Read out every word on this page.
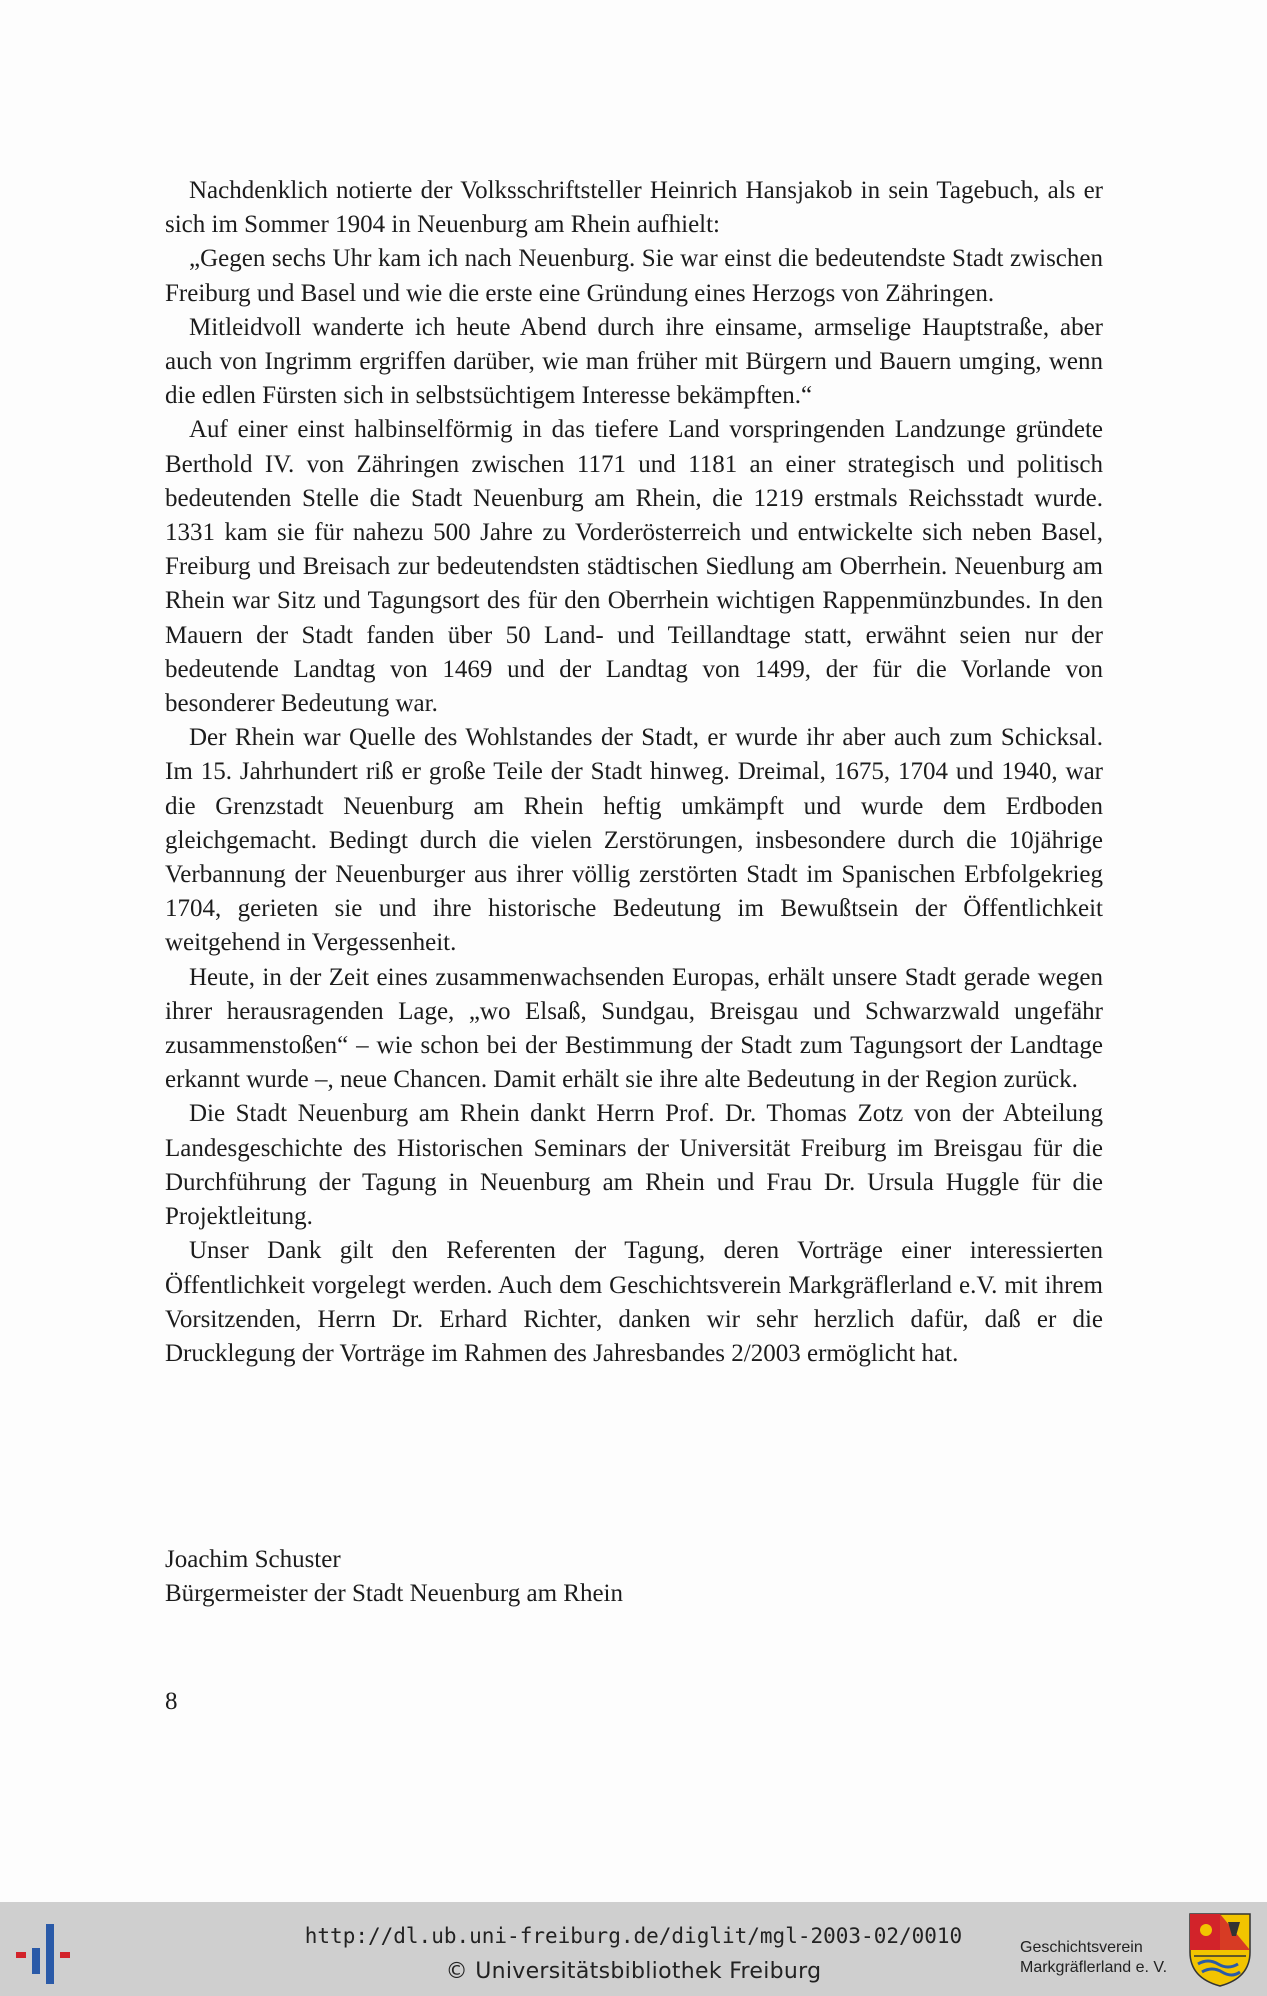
Nachdenklich notierte der Volksschriftsteller Heinrich Hansjakob in sein Tagebuch, als er sich im Sommer 1904 in Neuenburg am Rhein aufhielt:

„Gegen sechs Uhr kam ich nach Neuenburg. Sie war einst die bedeutendste Stadt zwischen Freiburg und Basel und wie die erste eine Gründung eines Herzogs von Zähringen.

Mitleidvoll wanderte ich heute Abend durch ihre einsame, armselige Hauptstraße, aber auch von Ingrimm ergriffen darüber, wie man früher mit Bürgern und Bauern umging, wenn die edlen Fürsten sich in selbstsüchtigem Interesse bekämpften.“

Auf einer einst halbinselförmig in das tiefere Land vorspringenden Landzunge gründete Berthold IV. von Zähringen zwischen 1171 und 1181 an einer strategisch und politisch bedeutenden Stelle die Stadt Neuenburg am Rhein, die 1219 erstmals Reichsstadt wurde. 1331 kam sie für nahezu 500 Jahre zu Vorderösterreich und entwickelte sich neben Basel, Freiburg und Breisach zur bedeutendsten städtischen Siedlung am Oberrhein. Neuenburg am Rhein war Sitz und Tagungsort des für den Oberrhein wichtigen Rappenmünzbundes. In den Mauern der Stadt fanden über 50 Land- und Teillandtage statt, erwähnt seien nur der bedeutende Landtag von 1469 und der Landtag von 1499, der für die Vorlande von besonderer Bedeutung war.

Der Rhein war Quelle des Wohlstandes der Stadt, er wurde ihr aber auch zum Schicksal. Im 15. Jahrhundert riß er große Teile der Stadt hinweg. Dreimal, 1675, 1704 und 1940, war die Grenzstadt Neuenburg am Rhein heftig umkämpft und wurde dem Erdboden gleichgemacht. Bedingt durch die vielen Zerstörungen, insbesondere durch die 10jährige Verbannung der Neuenburger aus ihrer völlig zerstörten Stadt im Spanischen Erbfolgekrieg 1704, gerieten sie und ihre historische Bedeutung im Bewußtsein der Öffentlichkeit weitgehend in Vergessenheit.

Heute, in der Zeit eines zusammenwachsenden Europas, erhält unsere Stadt gerade wegen ihrer herausragenden Lage, „wo Elsaß, Sundgau, Breisgau und Schwarzwald ungefähr zusammenstoßen“ – wie schon bei der Bestimmung der Stadt zum Tagungsort der Landtage erkannt wurde –, neue Chancen. Damit erhält sie ihre alte Bedeutung in der Region zurück.

Die Stadt Neuenburg am Rhein dankt Herrn Prof. Dr. Thomas Zotz von der Abteilung Landesgeschichte des Historischen Seminars der Universität Freiburg im Breisgau für die Durchführung der Tagung in Neuenburg am Rhein und Frau Dr. Ursula Huggle für die Projektleitung.

Unser Dank gilt den Referenten der Tagung, deren Vorträge einer interessierten Öffentlichkeit vorgelegt werden. Auch dem Geschichtsverein Markgräflerland e.V. mit ihrem Vorsitzenden, Herrn Dr. Erhard Richter, danken wir sehr herzlich dafür, daß er die Drucklegung der Vorträge im Rahmen des Jahresbandes 2/2003 ermöglicht hat.

Joachim Schuster
Bürgermeister der Stadt Neuenburg am Rhein
8
http://dl.ub.uni-freiburg.de/diglit/mgl-2003-02/0010
© Universitätsbibliothek Freiburg
Geschichtsverein
Markgräflerland e. V.
